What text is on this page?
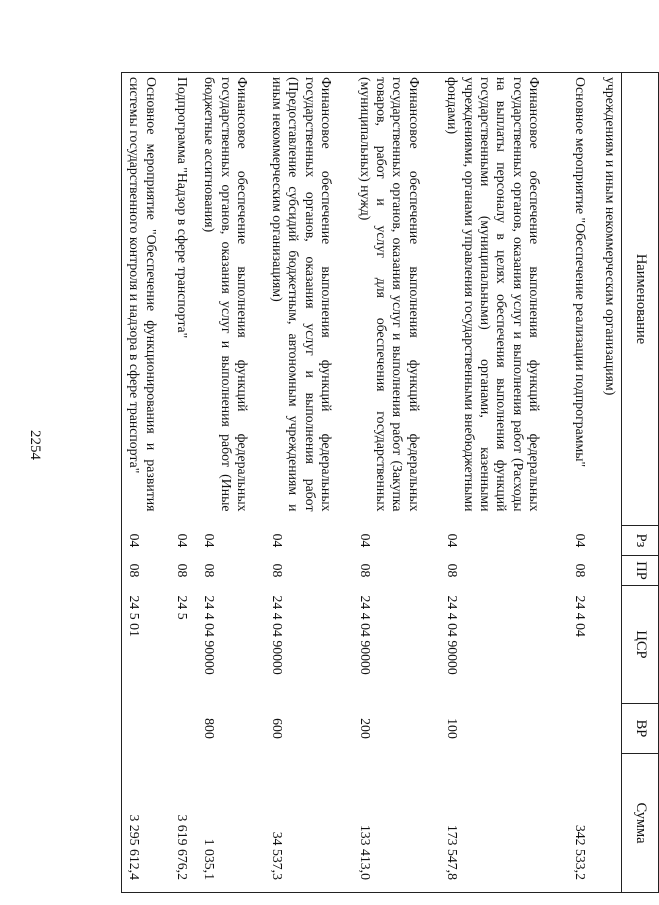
2254
Наименование	Рз	ПР	ЦСР	ВР	Сумма
учреждениям и иным некоммерческим организациям)					
Основное мероприятие "Обеспечение реализации подпрограммы"	04	08	24 4 04		342 533,2
Финансовое обеспечение выполнения функций федеральных государственных органов, оказания услуг и выполнения работ (Расходы на выплаты персоналу в целях обеспечения выполнения функций государственными (муниципальными) органами, казенными учреждениями, органами управления государственными внебюджетными фондами)	04	08	24 4 04 90000	100	173 547,8
Финансовое обеспечение выполнения функций федеральных государственных органов, оказания услуг и выполнения работ (Закупка товаров, работ и услуг для обеспечения государственных (муниципальных) нужд)	04	08	24 4 04 90000	200	133 413,0
Финансовое обеспечение выполнения функций федеральных государственных органов, оказания услуг и выполнения работ (Предоставление субсидий бюджетным, автономным учреждениям и иным некоммерческим организациям)	04	08	24 4 04 90000	600	34 537,3
Финансовое обеспечение выполнения функций федеральных государственных органов, оказания услуг и выполнения работ (Иные бюджетные ассигнования)	04	08	24 4 04 90000	800	1 035,1
Подпрограмма "Надзор в сфере транспорта"	04	08	24 5		3 619 676,2
Основное мероприятие "Обеспечение функционирования и развития системы государственного контроля и надзора в сфере транспорта"	04	08	24 5 01		3 295 612,4
